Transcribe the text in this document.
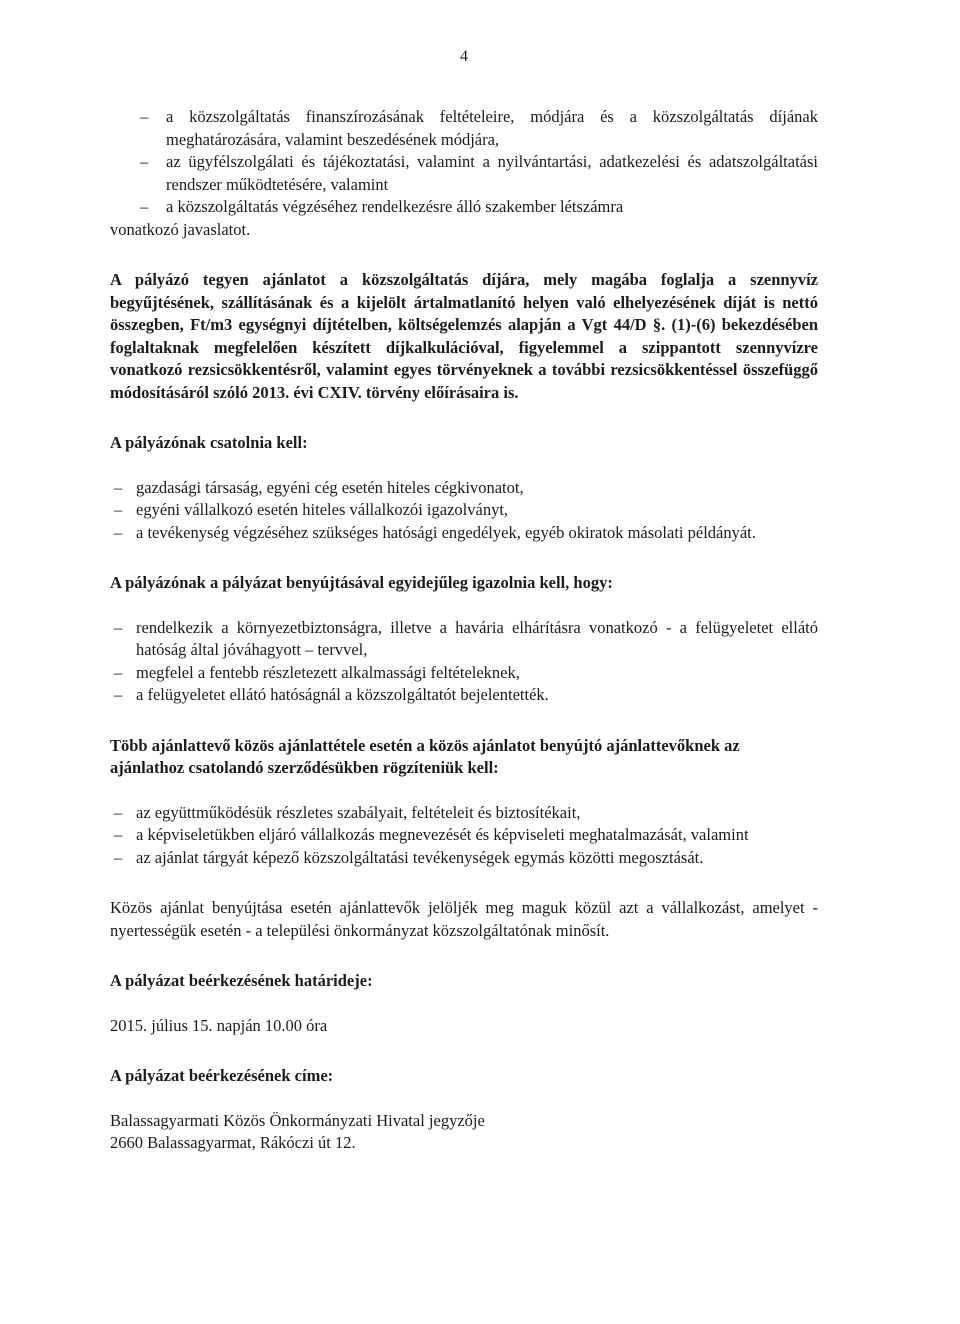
4
– a közszolgáltatás finanszírozásának feltételeire, módjára és a közszolgáltatás díjának meghatározására, valamint beszedésének módjára,
– az ügyfélszolgálati és tájékoztatási, valamint a nyilvántartási, adatkezelési és adatszolgáltatási rendszer működtetésére, valamint
– a közszolgáltatás végzéséhez rendelkezésre álló szakember létszámra

vonatkozó javaslatot.

A pályázó tegyen ajánlatot a közszolgáltatás díjára, mely magába foglalja a szennyvíz begyűjtésének, szállításának és a kijelölt ártalmatlanító helyen való elhelyezésének díját is nettó összegben, Ft/m3 egységnyi díjtételben, költségelemzés alapján a Vgt 44/D §. (1)-(6) bekezdésében foglaltaknak megfelelően készített díjkalkulációval, figyelemmel a szippantott szennyvízre vonatkozó rezsicsökkentésről, valamint egyes törvényeknek a további rezsicsökkentéssel összefüggő módosításáról szóló 2013. évi CXIV. törvény előírásaira is.

A pályázónak csatolnia kell:

– gazdasági társaság, egyéni cég esetén hiteles cégkivonatot,
– egyéni vállalkozó esetén hiteles vállalkozói igazolványt,
– a tevékenység végzéséhez szükséges hatósági engedélyek, egyéb okiratok másolati példányát.

A pályázónak a pályázat benyújtásával egyidejűleg igazolnia kell, hogy:

– rendelkezik a környezetbiztonságra, illetve a havária elhárításra vonatkozó - a felügyeletet ellátó hatóság által jóváhagyott – tervvel,
– megfelel a fentebb részletezett alkalmassági feltételeknek,
– a felügyeletet ellátó hatóságnál a közszolgáltatót bejelentették.

Több ajánlattevő közös ajánlattétele esetén a közös ajánlatot benyújtó ajánlattevőknek az ajánlathoz csatolandó szerződésükben rögzíteniük kell:

– az együttműködésük részletes szabályait, feltételeit és biztosítékait,
– a képviseletükben eljáró vállalkozás megnevezését és képviseleti meghatalmazását, valamint
– az ajánlat tárgyát képező közszolgáltatási tevékenységek egymás közötti megosztását.

Közös ajánlat benyújtása esetén ajánlattevők jelöljék meg maguk közül azt a vállalkozást, amelyet - nyertességük esetén - a települési önkormányzat közszolgáltatónak minősít.

A pályázat beérkezésének határideje:

2015. július 15. napján 10.00 óra

A pályázat beérkezésének címe:

Balassagyarmati Közös Önkormányzati Hivatal jegyzője

2660 Balassagyarmat, Rákóczi út 12.
